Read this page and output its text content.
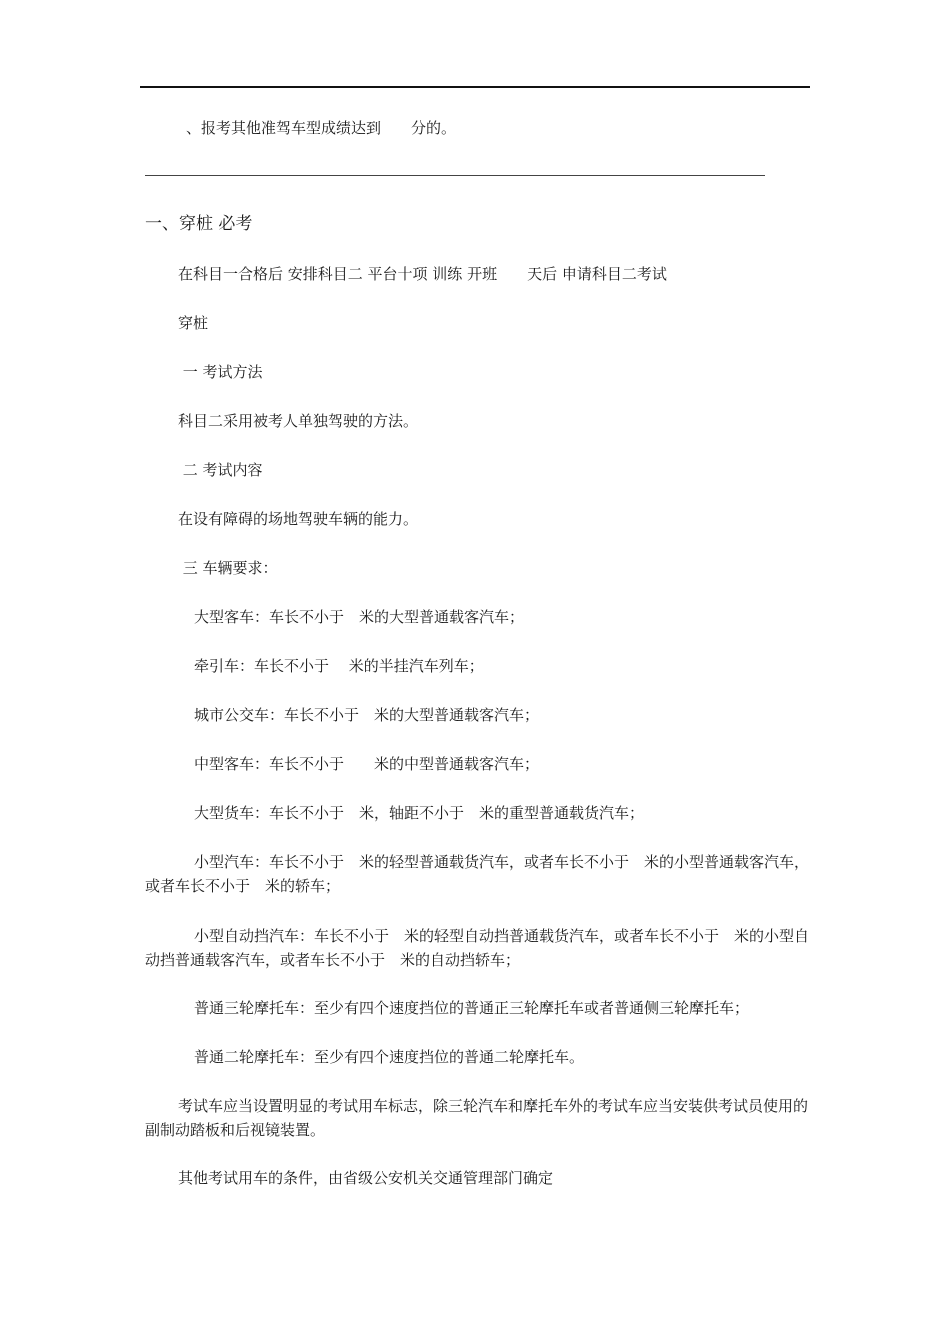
、报考其他准驾车型成绩达到　　分的。
一、穿桩 必考
在科目一合格后 安排科目二 平台十项 训练 开班　　天后 申请科目二考试
穿桩
一 考试方法
科目二采用被考人单独驾驶的方法。
二 考试内容
在设有障碍的场地驾驶车辆的能力。
三 车辆要求：
大型客车：车长不小于　米的大型普通载客汽车；
牵引车：车长不小于　 米的半挂汽车列车；
城市公交车：车长不小于　米的大型普通载客汽车；
中型客车：车长不小于　　米的中型普通载客汽车；
大型货车：车长不小于　米，轴距不小于　米的重型普通载货汽车；
小型汽车：车长不小于　米的轻型普通载货汽车，或者车长不小于　米的小型普通载客汽车，或者车长不小于　米的轿车；
小型自动挡汽车：车长不小于　米的轻型自动挡普通载货汽车，或者车长不小于　米的小型自动挡普通载客汽车，或者车长不小于　米的自动挡轿车；
普通三轮摩托车：至少有四个速度挡位的普通正三轮摩托车或者普通侧三轮摩托车；
普通二轮摩托车：至少有四个速度挡位的普通二轮摩托车。
考试车应当设置明显的考试用车标志，除三轮汽车和摩托车外的考试车应当安装供考试员使用的副制动踏板和后视镜装置。
其他考试用车的条件，由省级公安机关交通管理部门确定
